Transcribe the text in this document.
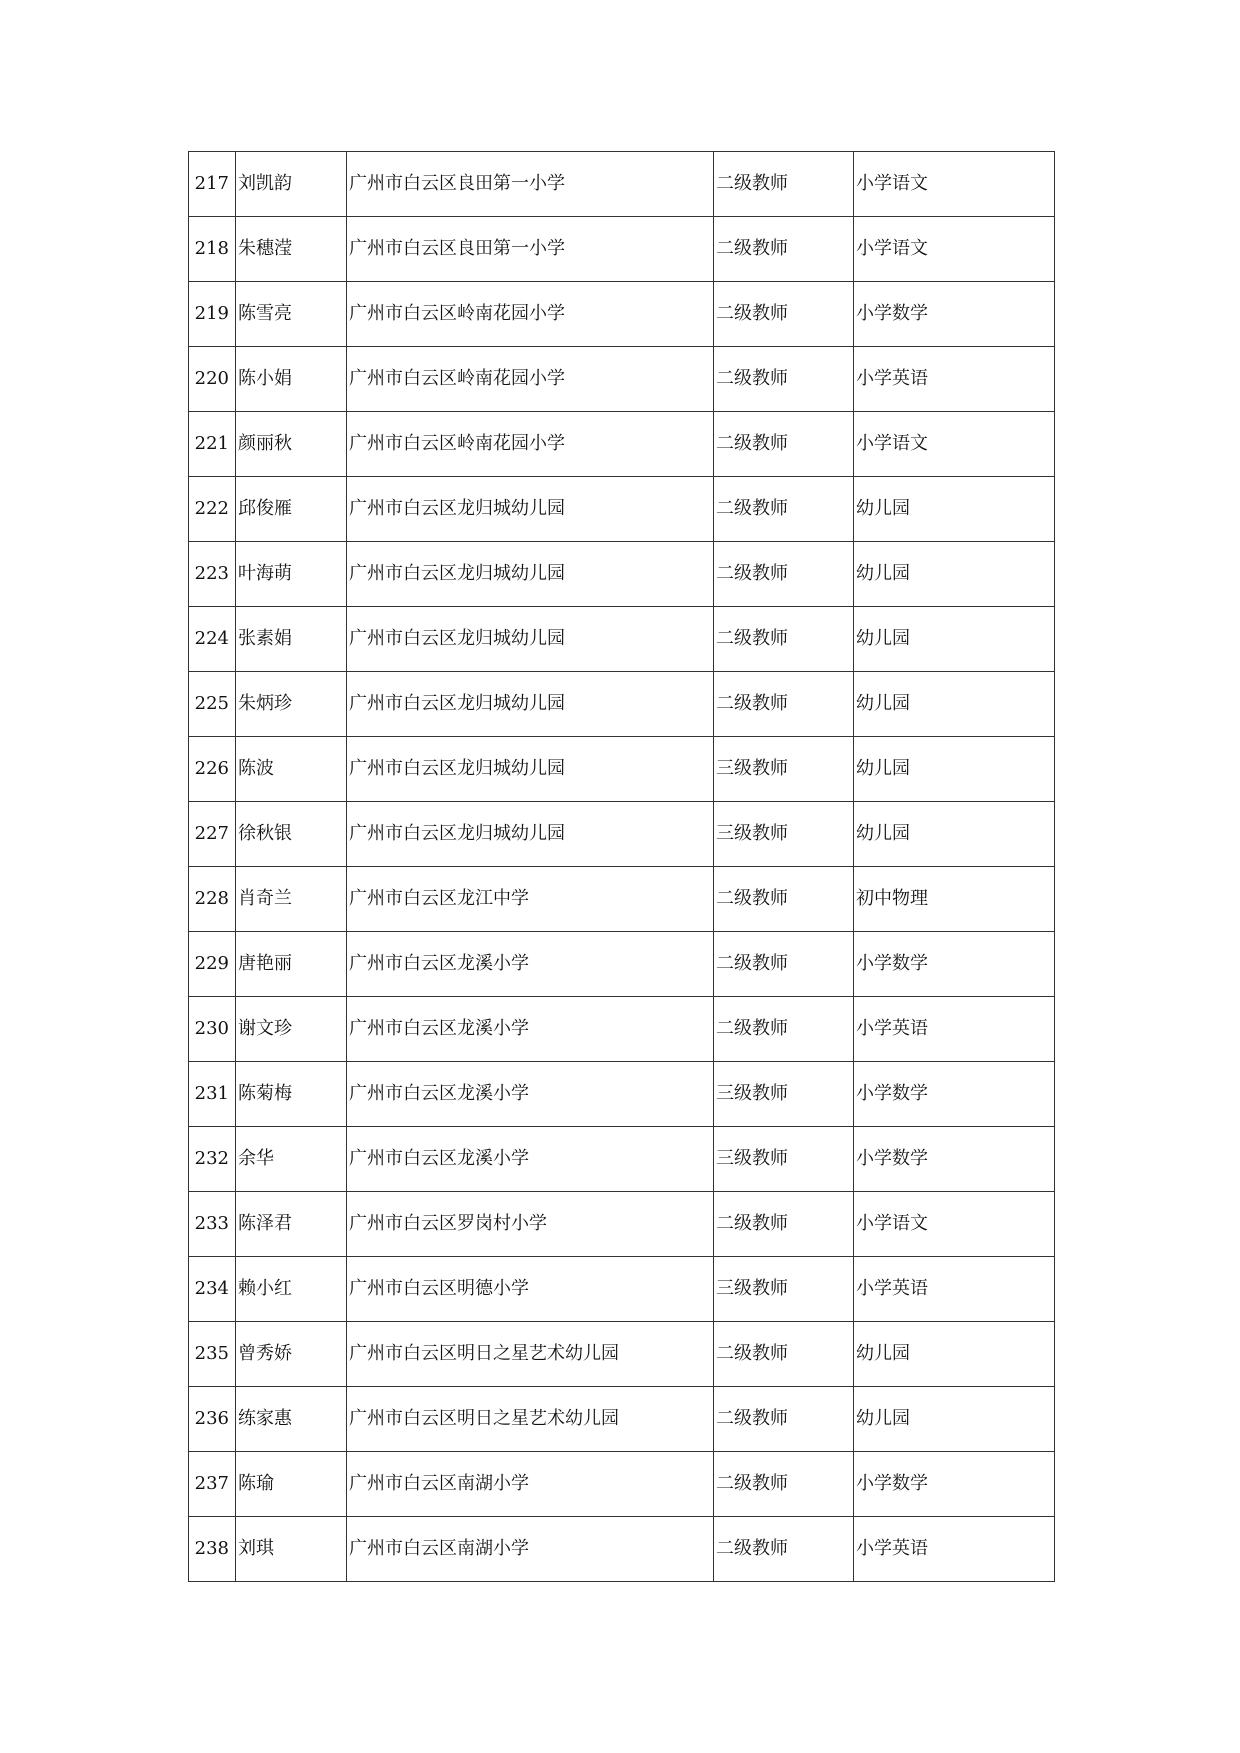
217	刘凯韵	广州市白云区良田第一小学	二级教师	小学语文
218	朱穗滢	广州市白云区良田第一小学	二级教师	小学语文
219	陈雪亮	广州市白云区岭南花园小学	二级教师	小学数学
220	陈小娟	广州市白云区岭南花园小学	二级教师	小学英语
221	颜丽秋	广州市白云区岭南花园小学	二级教师	小学语文
222	邱俊雁	广州市白云区龙归城幼儿园	二级教师	幼儿园
223	叶海萌	广州市白云区龙归城幼儿园	二级教师	幼儿园
224	张素娟	广州市白云区龙归城幼儿园	二级教师	幼儿园
225	朱炳珍	广州市白云区龙归城幼儿园	二级教师	幼儿园
226	陈波	广州市白云区龙归城幼儿园	三级教师	幼儿园
227	徐秋银	广州市白云区龙归城幼儿园	三级教师	幼儿园
228	肖奇兰	广州市白云区龙江中学	二级教师	初中物理
229	唐艳丽	广州市白云区龙溪小学	二级教师	小学数学
230	谢文珍	广州市白云区龙溪小学	二级教师	小学英语
231	陈菊梅	广州市白云区龙溪小学	三级教师	小学数学
232	余华	广州市白云区龙溪小学	三级教师	小学数学
233	陈泽君	广州市白云区罗岗村小学	二级教师	小学语文
234	赖小红	广州市白云区明德小学	三级教师	小学英语
235	曾秀娇	广州市白云区明日之星艺术幼儿园	二级教师	幼儿园
236	练家惠	广州市白云区明日之星艺术幼儿园	二级教师	幼儿园
237	陈瑜	广州市白云区南湖小学	二级教师	小学数学
238	刘琪	广州市白云区南湖小学	二级教师	小学英语
